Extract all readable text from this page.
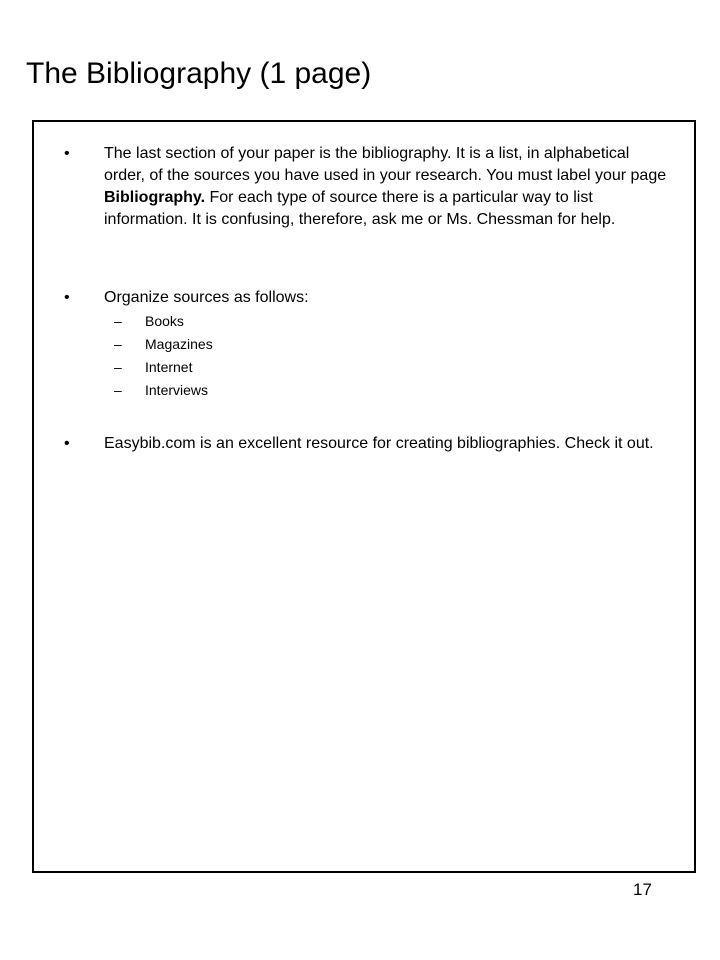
The Bibliography (1 page)
• The last section of your paper is the bibliography. It is a list, in alphabetical order, of the sources you have used in your research. You must label your page Bibliography. For each type of source there is a particular way to list information. It is confusing, therefore, ask me or Ms. Chessman for help.
• Organize sources as follows:
– Books
– Magazines
– Internet
– Interviews
• Easybib.com is an excellent resource for creating bibliographies. Check it out.
17
